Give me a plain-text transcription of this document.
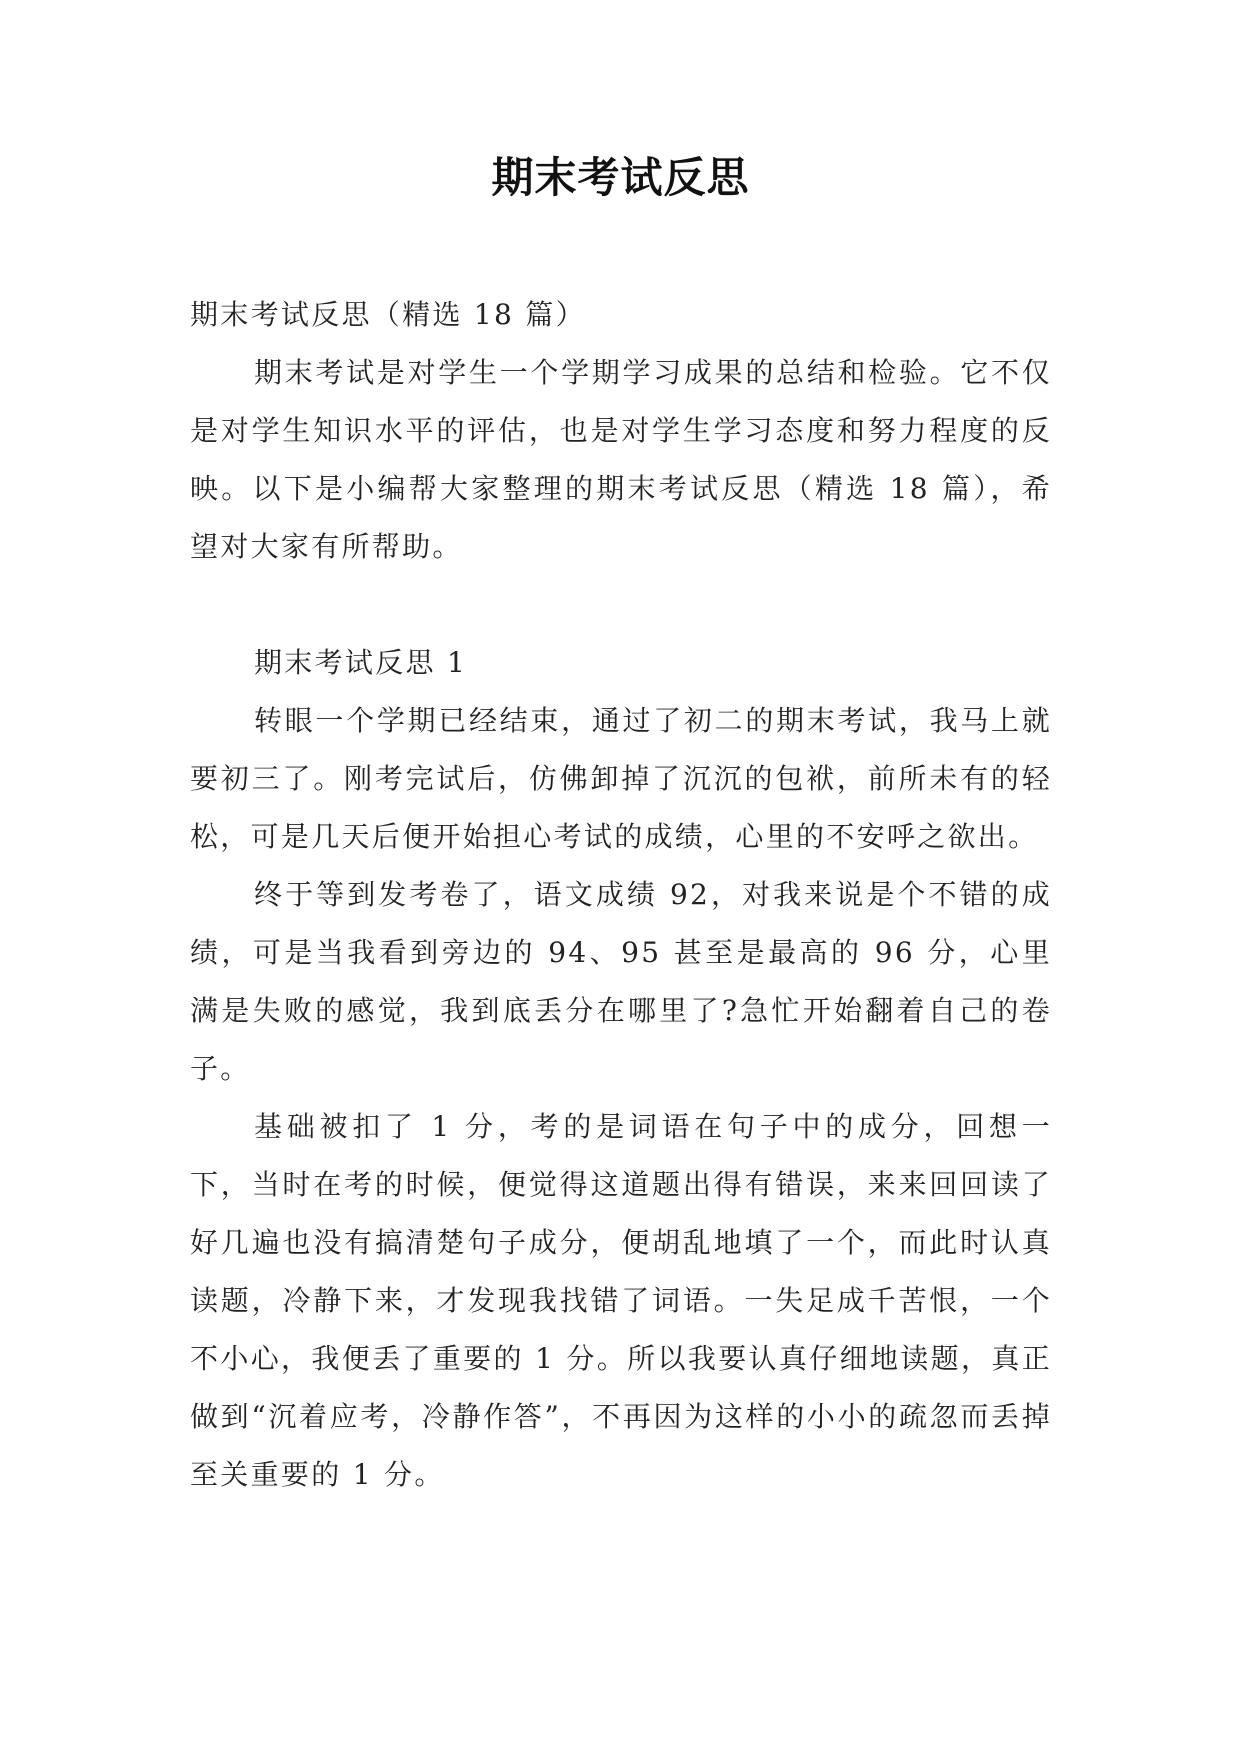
期末考试反思

期末考试反思（精选 18 篇）

期末考试是对学生一个学期学习成果的总结和检验。它不仅是对学生知识水平的评估，也是对学生学习态度和努力程度的反映。以下是小编帮大家整理的期末考试反思（精选 18 篇），希望对大家有所帮助。

期末考试反思 1

转眼一个学期已经结束，通过了初二的期末考试，我马上就要初三了。刚考完试后，仿佛卸掉了沉沉的包袱，前所未有的轻松，可是几天后便开始担心考试的成绩，心里的不安呼之欲出。

终于等到发考卷了，语文成绩 92，对我来说是个不错的成绩，可是当我看到旁边的 94、95 甚至是最高的 96 分，心里满是失败的感觉，我到底丢分在哪里了?急忙开始翻着自己的卷子。

基础被扣了 1 分，考的是词语在句子中的成分，回想一下，当时在考的时候，便觉得这道题出得有错误，来来回回读了好几遍也没有搞清楚句子成分，便胡乱地填了一个，而此时认真读题，冷静下来，才发现我找错了词语。一失足成千苦恨，一个不小心，我便丢了重要的 1 分。所以我要认真仔细地读题，真正做到“沉着应考，冷静作答”，不再因为这样的小小的疏忽而丢掉至关重要的 1 分。
